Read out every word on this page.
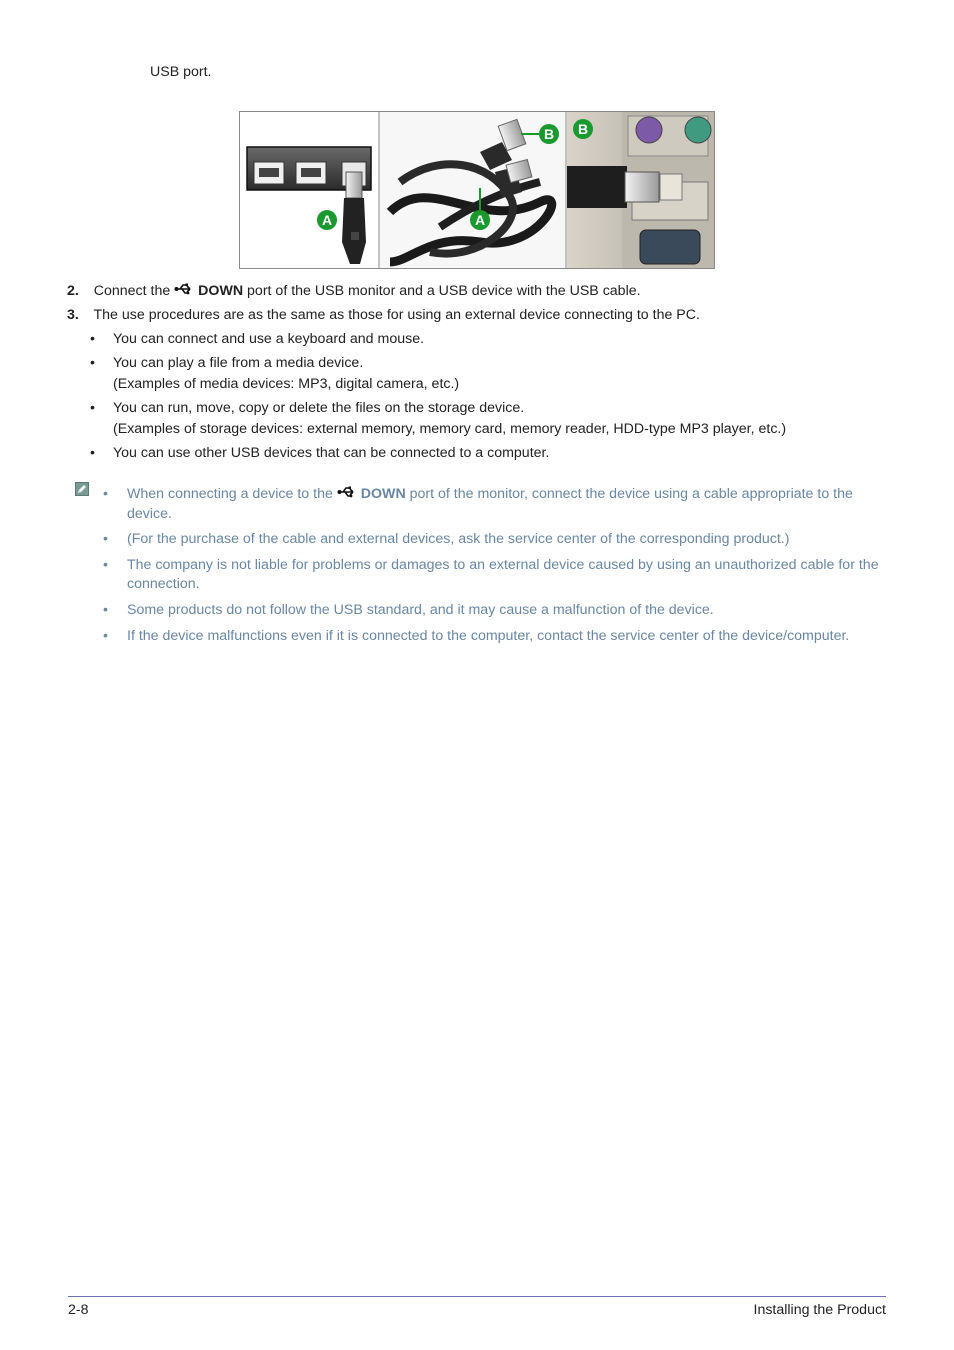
USB port.
A	A
B	B
2. Connect the DOWN port of the USB monitor and a USB device with the USB cable.
3. The use procedures are as the same as those for using an external device connecting to the PC.
• You can connect and use a keyboard and mouse.
• You can play a file from a media device.
(Examples of media devices: MP3, digital camera, etc.)
• You can run, move, copy or delete the files on the storage device.
(Examples of storage devices: external memory, memory card, memory reader, HDD-type MP3 player, etc.)
• You can use other USB devices that can be connected to a computer.
• When connecting a device to the DOWN port of the monitor, connect the device using a cable appropriate to the
device.
• (For the purchase of the cable and external devices, ask the service center of the corresponding product.)
• The company is not liable for problems or damages to an external device caused by using an unauthorized cable for the
connection.
• Some products do not follow the USB standard, and it may cause a malfunction of the device.
• If the device malfunctions even if it is connected to the computer, contact the service center of the device/computer.
2-8	Installing the Product
